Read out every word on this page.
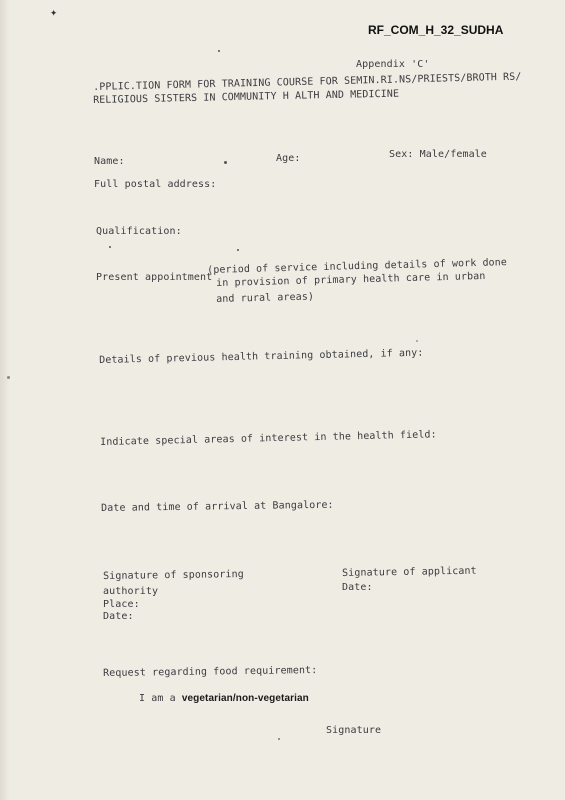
✦
RF_COM_H_32_SUDHA
Appendix 'C'
.PPLIC.TION FORM FOR TRAINING COURSE FOR SEMIN.RI.NS/PRIESTS/BROTH RS/
RELIGIOUS SISTERS IN COMMUNITY H ALTH AND MEDICINE
Name:	Age:	Sex: Male/female
Full postal address:
Qualification:
Present appointment
(period of service including details of work done
in provision of primary health care in urban
and rural areas)
Details of previous health training obtained, if any:
Indicate special areas of interest in the health field:
Date and time of arrival at Bangalore:
Signature of sponsoring
authority
Place:
Date:
Signature of applicant
Date:
Request regarding food requirement:
I am a vegetarian/non-vegetarian
Signature
